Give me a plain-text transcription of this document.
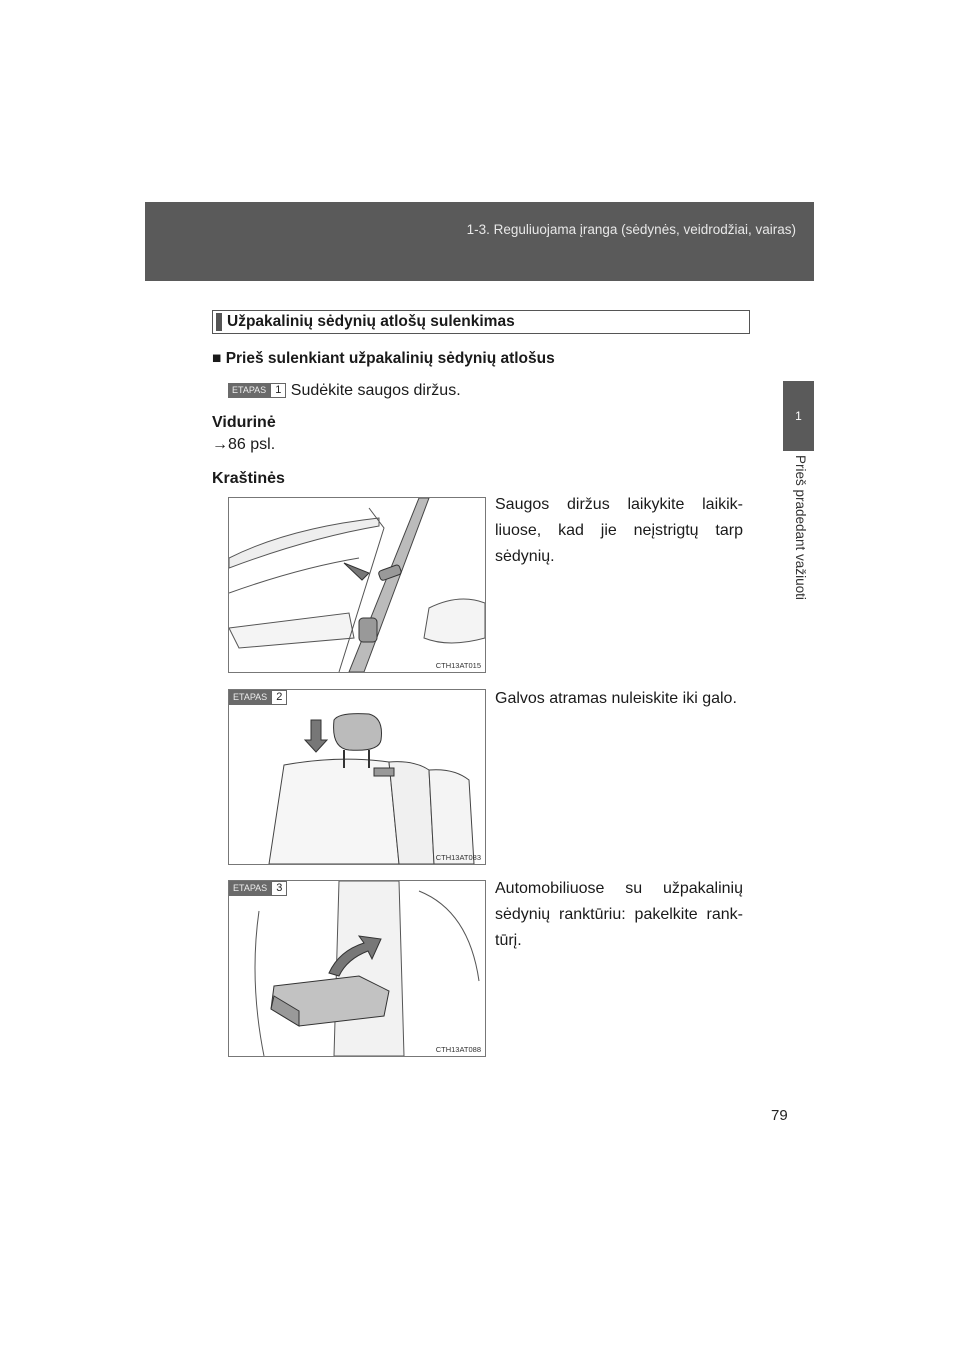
1-3. Reguliuojama įranga (sėdynės, veidrodžiai, vairas)
1
Prieš pradedant važiuoti
Užpakalinių sėdynių atlošų sulenkimas
■ Prieš sulenkiant užpakalinių sėdynių atlošus
ETAPAS 1 Sudėkite saugos diržus.
Vidurinė
→86 psl.
Kraštinės
Saugos diržus laikykite laikik-liuose, kad jie neįstrigtų tarp sėdynių.
Galvos atramas nuleiskite iki galo.
Automobiliuose su užpakalinių sėdynių ranktūriu: pakelkite rank-tūrį.
CTH13AT015
ETAPAS 2
CTH13AT083
ETAPAS 3
CTH13AT088
79
